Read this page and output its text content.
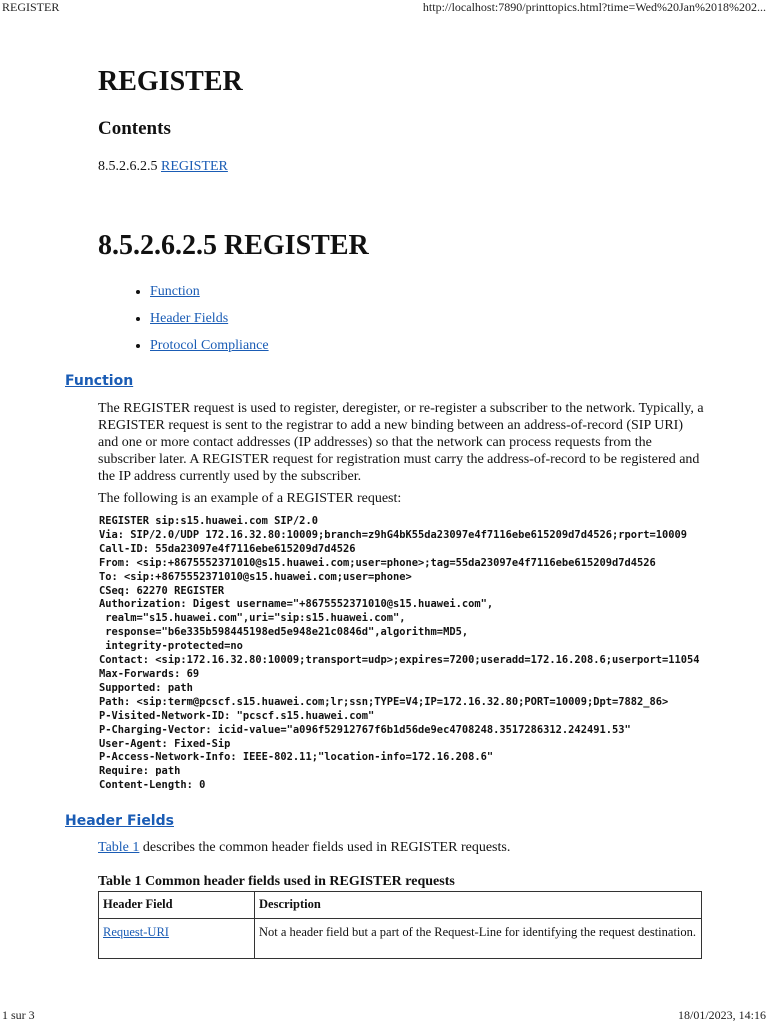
REGISTER	http://localhost:7890/printtopics.html?time=Wed%20Jan%2018%202...
REGISTER
Contents
8.5.2.6.2.5 REGISTER
8.5.2.6.2.5 REGISTER
• Function
• Header Fields
• Protocol Compliance
Function

The REGISTER request is used to register, deregister, or re-register a subscriber to the network. Typically, a REGISTER request is sent to the registrar to add a new binding between an address-of-record (SIP URI) and one or more contact addresses (IP addresses) so that the network can process requests from the subscriber later. A REGISTER request for registration must carry the address-of-record to be registered and the IP address currently used by the subscriber.

The following is an example of a REGISTER request:

REGISTER sip:s15.huawei.com SIP/2.0
Via: SIP/2.0/UDP 172.16.32.80:10009;branch=z9hG4bK55da23097e4f7116ebe615209d7d4526;rport=10009
Call-ID: 55da23097e4f7116ebe615209d7d4526
From: <sip:+8675552371010@s15.huawei.com;user=phone>;tag=55da23097e4f7116ebe615209d7d4526
To: <sip:+8675552371010@s15.huawei.com;user=phone>
CSeq: 62270 REGISTER
Authorization: Digest username="+8675552371010@s15.huawei.com",
realm="s15.huawei.com",uri="sip:s15.huawei.com",
response="b6e335b598445198ed5e948e21c0846d",algorithm=MD5,
integrity-protected=no
Contact: <sip:172.16.32.80:10009;transport=udp>;expires=7200;useradd=172.16.208.6;userport=11054
Max-Forwards: 69
Supported: path
Path: <sip:term@pcscf.s15.huawei.com;lr;ssn;TYPE=V4;IP=172.16.32.80;PORT=10009;Dpt=7882_86>
P-Visited-Network-ID: "pcscf.s15.huawei.com"
P-Charging-Vector: icid-value="a096f52912767f6b1d56de9ec4708248.3517286312.242491.53"
User-Agent: Fixed-Sip
P-Access-Network-Info: IEEE-802.11;"location-info=172.16.208.6"
Require: path
Content-Length: 0
Header Fields

Table 1 describes the common header fields used in REGISTER requests.

Table 1 Common header fields used in REGISTER requests
Header Field	Description
Request-URI	Not a header field but a part of the Request-Line for identifying the request destination.
1 sur 3	18/01/2023, 14:16
